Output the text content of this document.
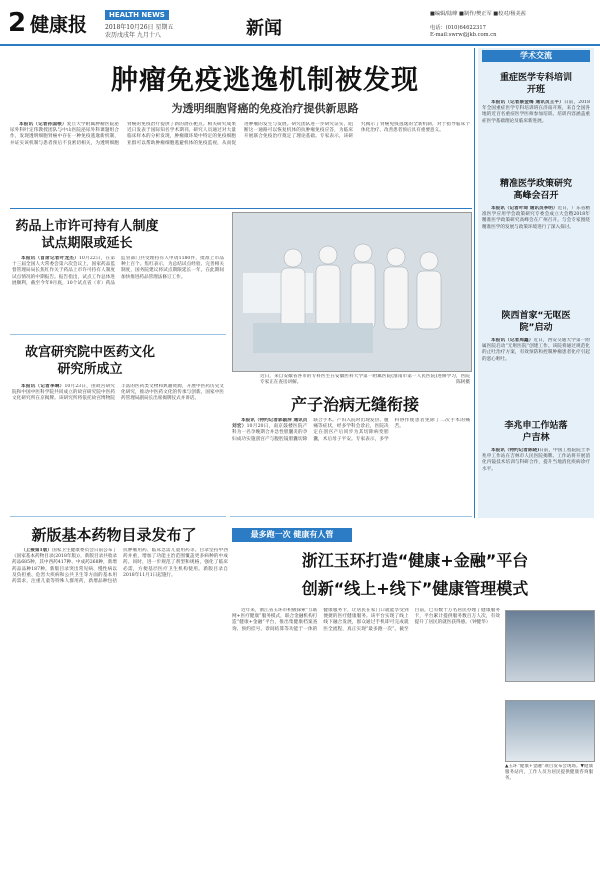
2 健康报	HEALTH NEWS
2018年10月26日 星期五
农历戊戌年 九月十八	新闻
■编辑/陆峰 ■制作/樊正军 ■校对/杨美茜
电话：(010)64622317
E-mail:swrw@jkb.com.cn
肿瘤免疫逃逸机制被发现
为透明细胞肾癌的免疫治疗提供新思路

本报讯（记者孙国根）复旦大学附属肿瘤医院泌尿外科叶定伟教授团队与中山医院泌尿外科课题组合作，发现透明细胞肾癌中存在一种免疫逃逸新机制，并证实该机制与患者预后不良密切相关，为透明细胞肾癌的免疫治疗提供了新的潜在靶点。相关研究成果近日发表于国际知名学术期刊。研究人员通过对大量临床样本的分析发现，肿瘤微环境中特定的免疫细胞亚群可以帮助肿瘤细胞逃避机体的免疫监视，从而促进肿瘤的发生与发展。研究团队进一步研究证实，阻断这一通路可以恢复机体的抗肿瘤免疫应答，为临床开展联合免疫治疗奠定了理论基础。专家表示，该研究揭示了肾癌免疫逃逸的全新机制，对于指导临床个体化治疗、改善患者预后具有重要意义。

药品上市许可持有人制度试点期限或延长

本报讯（首席记者叶龙杰）10月22日，在第十三届全国人大常委会第六次会议上，国家药品监督管理局局长焦红作关于药品上市许可持有人制度试点情况的中期报告。报告指出，试点工作总体进展顺利，截至今年9月底，10个试点省（市）药品监管部门共受理持有人申请1180件，批准上市品种上百个。焦红表示，为总结试点经验、完善相关制度，国务院建议将试点期限延长一年，在此期间加快推进药品管理法修订工作。

故宫研究院中医药文化研究所成立

本报讯（记者李琳）10月23日，由故宫研究院和中国中医科学院共同成立的故宫研究院中医药文化研究所在京揭牌。该研究所将依托故宫博物院丰富的医药类文物和典籍资源，开展中医药历史文化研究，推动中医药文化的传承与创新。国家中医药管理局副局长出席揭牌仪式并讲话。

近日，来自安徽省各市的专科医生在安徽医科大学第一附属医院(淮南市第一人民医院)进修学习，医院专家正在查房讲解。	陈轲摄
产子治病无缝衔接

本报讯（特约记者郭淑萍 通讯员 刘宏）10月20日，南京鼓楼医院产科为一名孕晚期合并急性胆囊炎的孕妇成功实施剖宫产与腹腔镜胆囊切除联合手术。产妇入院时出现发热、腹痛等症状，经多学科会诊后，医院决定在剖宫产后同步为其切除病变胆囊，术后母子平安。专家表示，多学科协作使患者免除了二次手术的痛苦。

新版基本药物目录发布了

（上接第1版）国家卫生健康委员会日前公布了《国家基本药物目录(2018年版)》，新版目录共收录药品685种，其中西药417种、中成药268种，新增药品品种187种。新版目录突出常见病、慢性病以及负担重、危害大疾病和公共卫生等方面的基本用药需求，注重儿童等特殊人群用药，新增品种包括抗肿瘤用药、临床急需儿童用药等。目录坚持中西药并重，增加了功能主治范围覆盖更多病种的中成药。同时，进一步规范了剂型和规格，强化了临床必需，方便基层医疗卫生机构使用。新版目录自2018年11月1日起施行。

最多跑一次 健康有人管
浙江玉环打造“健康+金融”平台
创新“线上+线下”健康管理模式

近年来，浙江省玉环市积极探索“互联网+医疗健康”服务模式，联合金融机构打造“健康+金融”平台，推出集健康档案查询、预约挂号、诊间结算等功能于一体的健康服务卡，让居民在家门口就能享受到便捷的医疗健康服务。该平台实现了线上线下融合发展，群众通过手机即可完成就医全流程，真正实现“最多跑一次”。截至目前，已有数十万名居民办理了健康服务卡，平台累计提供服务数百万人次，有效提升了居民的就医获得感。（钟健华）

▲玉环“健康+金融”项目发布会现场。▼健康服务站内，工作人员为居民提供健康咨询服务。
学术交流
重症医学专科培训开班

本报讯（记者蔡金梅 通讯员王平）日前，2018年全国重症医学专科培训班在济南开班，来自全国各地的近百名重症医学医师参加培训。培训内容涵盖重症医学基础理论及临床新进展。

精准医学政策研究高峰会召开

本报讯（记者叶琦 通讯员李明）近日，广东省精准医学应用学会政策研究专委会成立大会暨2018年精准医学政策研究高峰会在广州召开。与会专家围绕精准医学的发展与政策环境进行了深入探讨。

陕西首家“无呕医院”启动

本报讯（记者周鑫）近日，西安交通大学第一附属医院启动“无呕医院”创建工作。该院将通过规范化的止吐治疗方案，有效预防和控制肿瘤患者化疗引起的恶心呕吐。

李兆申工作站落户吉林

本报讯（特约记者陈晓)日前，中国工程院院士李兆申工作站在吉林市人民医院揭牌。工作站将开展消化内镜技术培训与科研合作，提升当地消化疾病诊疗水平。
